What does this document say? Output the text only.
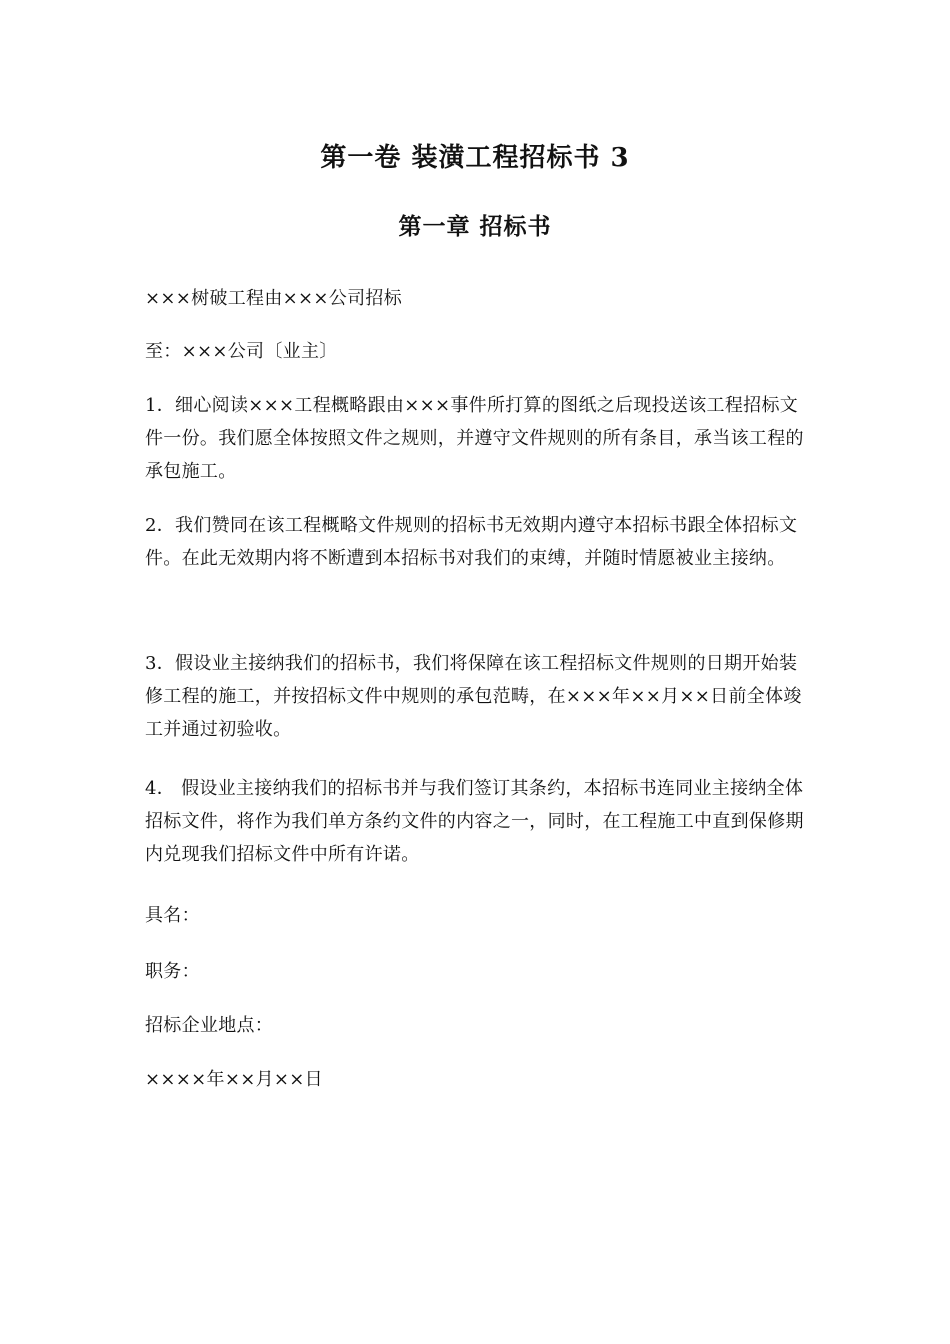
第一卷 装潢工程招标书 3
第一章 招标书

×××树破工程由×××公司招标

至：×××公司〔业主〕

1．细心阅读×××工程概略跟由×××事件所打算的图纸之后现投送该工程招标文件一份。我们愿全体按照文件之规则，并遵守文件规则的所有条目，承当该工程的承包施工。

2．我们赞同在该工程概略文件规则的招标书无效期内遵守本招标书跟全体招标文件。在此无效期内将不断遭到本招标书对我们的束缚，并随时情愿被业主接纳。

3．假设业主接纳我们的招标书，我们将保障在该工程招标文件规则的日期开始装修工程的施工，并按招标文件中规则的承包范畴，在×××年××月××日前全体竣工并通过初验收。

4． 假设业主接纳我们的招标书并与我们签订其条约，本招标书连同业主接纳全体招标文件，将作为我们单方条约文件的内容之一，同时，在工程施工中直到保修期内兑现我们招标文件中所有许诺。

具名：

职务：

招标企业地点：

××××年××月××日
